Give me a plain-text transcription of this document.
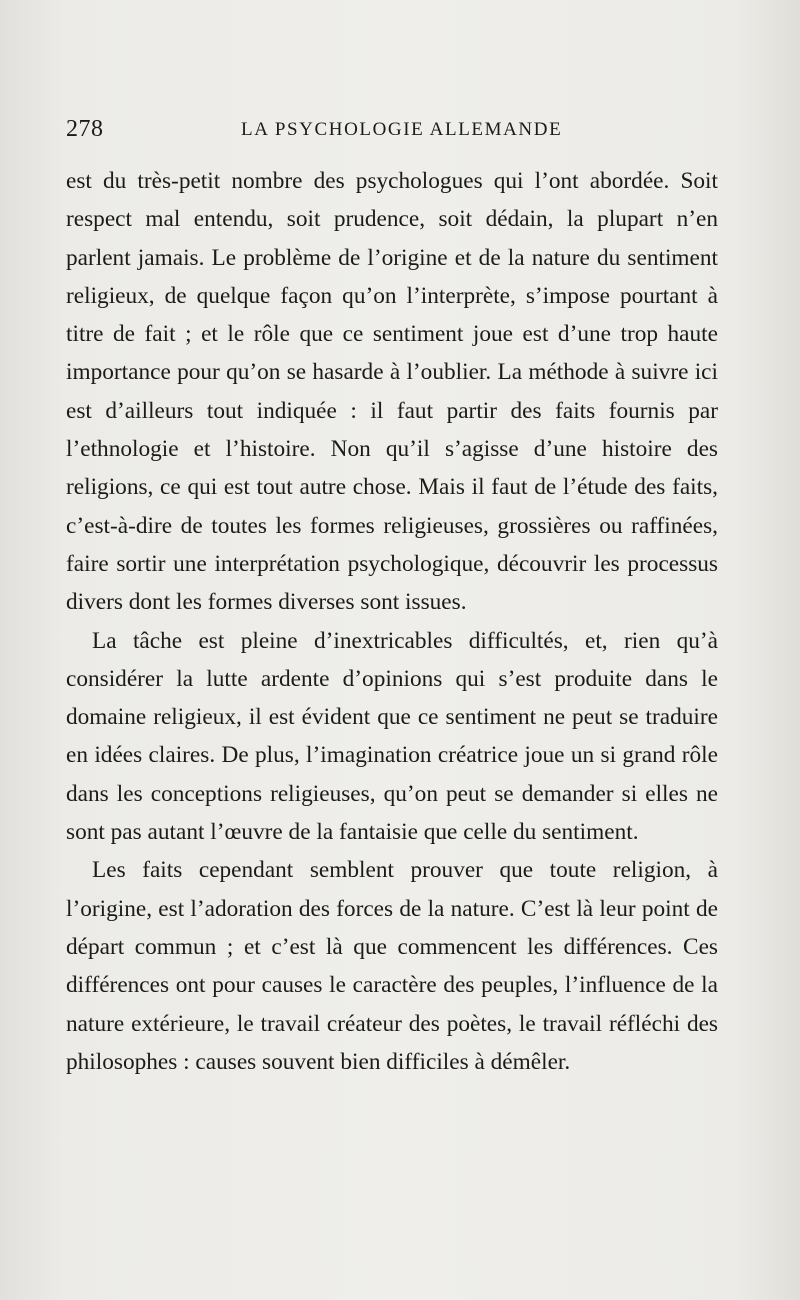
278	LA PSYCHOLOGIE ALLEMANDE

est du très-petit nombre des psychologues qui l’ont abordée. Soit respect mal entendu, soit prudence, soit dédain, la plupart n’en parlent jamais. Le problème de l’origine et de la nature du sentiment religieux, de quelque façon qu’on l’interprète, s’impose pourtant à titre de fait ; et le rôle que ce sentiment joue est d’une trop haute importance pour qu’on se hasarde à l’oublier. La méthode à suivre ici est d’ailleurs tout indiquée : il faut partir des faits fournis par l’ethnologie et l’histoire. Non qu’il s’agisse d’une histoire des religions, ce qui est tout autre chose. Mais il faut de l’étude des faits, c’est-à-dire de toutes les formes religieuses, grossières ou raffinées, faire sortir une interprétation psychologique, découvrir les processus divers dont les formes diverses sont issues.

La tâche est pleine d’inextricables difficultés, et, rien qu’à considérer la lutte ardente d’opinions qui s’est produite dans le domaine religieux, il est évident que ce sentiment ne peut se traduire en idées claires. De plus, l’imagination créatrice joue un si grand rôle dans les conceptions religieuses, qu’on peut se demander si elles ne sont pas autant l’œuvre de la fantaisie que celle du sentiment.

Les faits cependant semblent prouver que toute religion, à l’origine, est l’adoration des forces de la nature. C’est là leur point de départ commun ; et c’est là que commencent les différences. Ces différences ont pour causes le caractère des peuples, l’influence de la nature extérieure, le travail créateur des poètes, le travail réfléchi des philosophes : causes souvent bien difficiles à démêler.
